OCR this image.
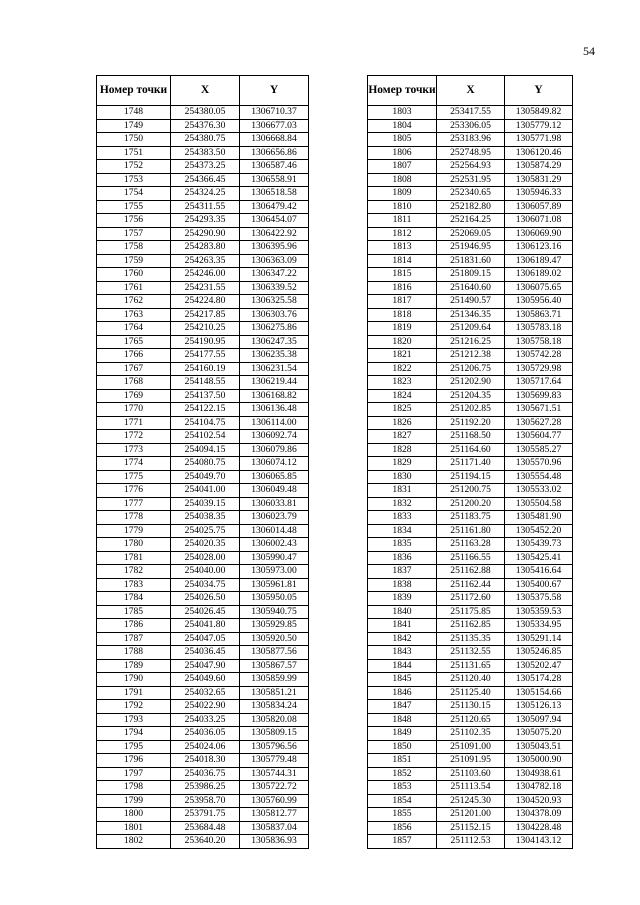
54
Номер точки	X	Y
1748	254380.05	1306710.37
1749	254376.30	1306677.03
1750	254380.75	1306668.84
1751	254383.50	1306656.86
1752	254373.25	1306587.46
1753	254366.45	1306558.91
1754	254324.25	1306518.58
1755	254311.55	1306479.42
1756	254293.35	1306454.07
1757	254290.90	1306422.92
1758	254283.80	1306395.96
1759	254263.35	1306363.09
1760	254246.00	1306347.22
1761	254231.55	1306339.52
1762	254224.80	1306325.58
1763	254217.85	1306303.76
1764	254210.25	1306275.86
1765	254190.95	1306247.35
1766	254177.55	1306235.38
1767	254160.19	1306231.54
1768	254148.55	1306219.44
1769	254137.50	1306168.82
1770	254122.15	1306136.48
1771	254104.75	1306114.00
1772	254102.54	1306092.74
1773	254094.15	1306079.86
1774	254080.75	1306074.12
1775	254049.70	1306065.85
1776	254041.00	1306049.48
1777	254039.15	1306033.81
1778	254038.35	1306023.79
1779	254025.75	1306014.48
1780	254020.35	1306002.43
1781	254028.00	1305990.47
1782	254040.00	1305973.00
1783	254034.75	1305961.81
1784	254026.50	1305950.05
1785	254026.45	1305940.75
1786	254041.80	1305929.85
1787	254047.05	1305920.50
1788	254036.45	1305877.56
1789	254047.90	1305867.57
1790	254049.60	1305859.99
1791	254032.65	1305851.21
1792	254022.90	1305834.24
1793	254033.25	1305820.08
1794	254036.05	1305809.15
1795	254024.06	1305796.56
1796	254018.30	1305779.48
1797	254036.75	1305744.31
1798	253986.25	1305722.72
1799	253958.70	1305760.99
1800	253791.75	1305812.77
1801	253684.48	1305837.04
1802	253640.20	1305836.93
Номер точки	X	Y
1803	253417.55	1305849.82
1804	253306.05	1305779.12
1805	253183.96	1305771.98
1806	252748.95	1306120.46
1807	252564.93	1305874.29
1808	252531.95	1305831.29
1809	252340.65	1305946.33
1810	252182.80	1306057.89
1811	252164.25	1306071.08
1812	252069.05	1306069.90
1813	251946.95	1306123.16
1814	251831.60	1306189.47
1815	251809.15	1306189.02
1816	251640.60	1306075.65
1817	251490.57	1305956.40
1818	251346.35	1305863.71
1819	251209.64	1305783.18
1820	251216.25	1305758.18
1821	251212.38	1305742.28
1822	251206.75	1305729.98
1823	251202.90	1305717.64
1824	251204.35	1305699.83
1825	251202.85	1305671.51
1826	251192.20	1305627.28
1827	251168.50	1305604.77
1828	251164.60	1305585.27
1829	251171.40	1305570.96
1830	251194.15	1305554.48
1831	251200.75	1305533.02
1832	251200.20	1305504.58
1833	251183.75	1305481.90
1834	251161.80	1305452.20
1835	251163.28	1305439.73
1836	251166.55	1305425.41
1837	251162.88	1305416.64
1838	251162.44	1305400.67
1839	251172.60	1305375.58
1840	251175.85	1305359.53
1841	251162.85	1305334.95
1842	251135.35	1305291.14
1843	251132.55	1305246.85
1844	251131.65	1305202.47
1845	251120.40	1305174.28
1846	251125.40	1305154.66
1847	251130.15	1305126.13
1848	251120.65	1305097.94
1849	251102.35	1305075.20
1850	251091.00	1305043.51
1851	251091.95	1305000.90
1852	251103.60	1304938.61
1853	251113.54	1304782.18
1854	251245.30	1304520.93
1855	251201.00	1304378.09
1856	251152.15	1304228.48
1857	251112.53	1304143.12
